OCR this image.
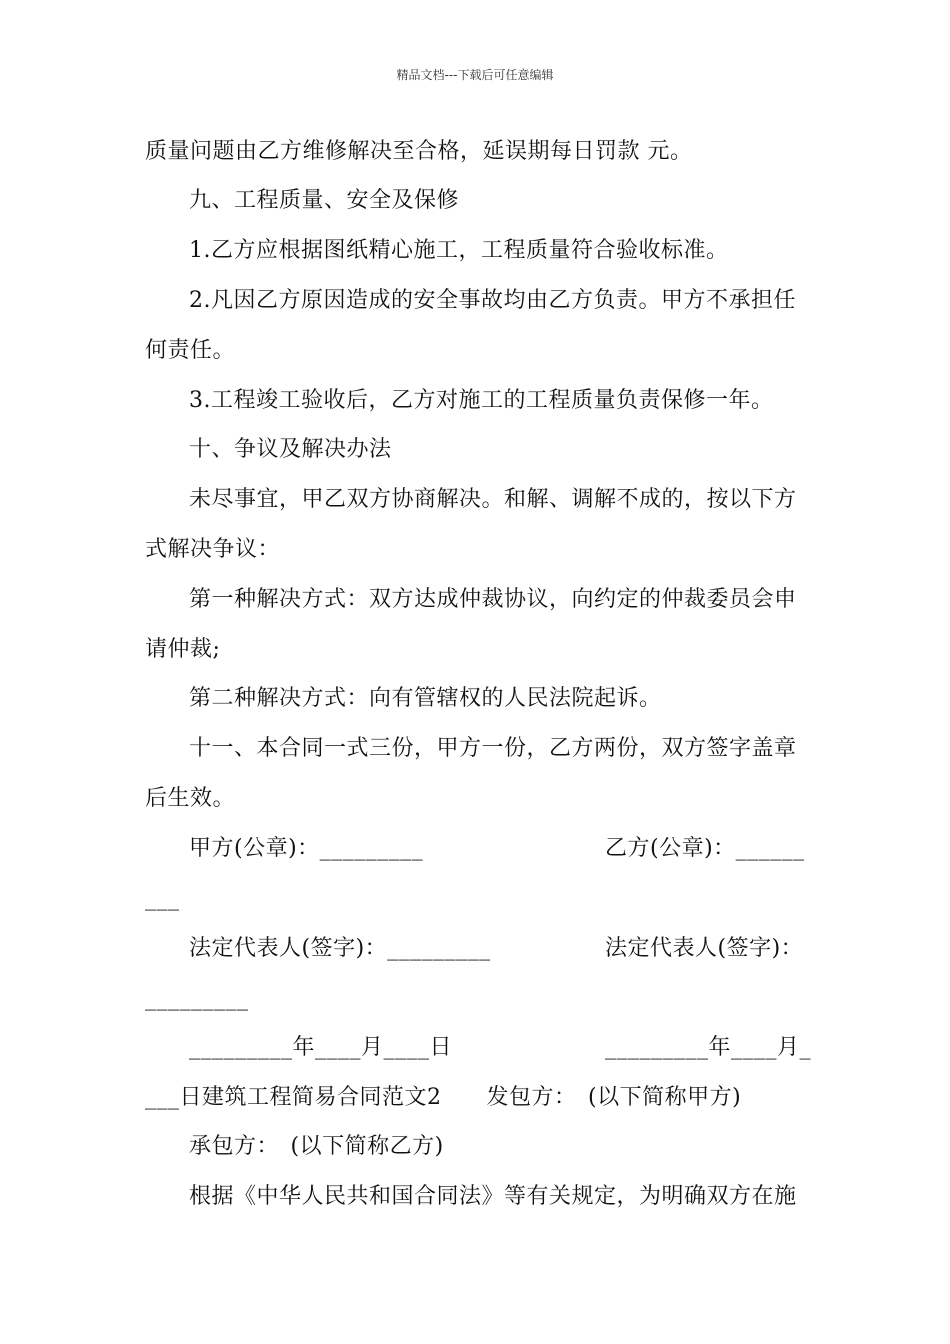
精品文档---下载后可任意编辑
质量问题由乙方维修解决至合格，延误期每日罚款 元。
九、工程质量、安全及保修
1.乙方应根据图纸精心施工，工程质量符合验收标准。
2.凡因乙方原因造成的安全事故均由乙方负责。甲方不承担任
何责任。
3.工程竣工验收后，乙方对施工的工程质量负责保修一年。
十、争议及解决办法
未尽事宜，甲乙双方协商解决。和解、调解不成的，按以下方
式解决争议：
第一种解决方式：双方达成仲裁协议，向约定的仲裁委员会申
请仲裁;
第二种解决方式：向有管辖权的人民法院起诉。
十一、本合同一式三份，甲方一份，乙方两份，双方签字盖章
后生效。
甲方(公章)：_________	乙方(公章)：______
___
法定代表人(签字)：_________	法定代表人(签字)：
_________
_________年____月____日	_________年____月_
___日建筑工程简易合同范文2　　发包方：　(以下简称甲方)
承包方：　(以下简称乙方)
根据《中华人民共和国合同法》等有关规定，为明确双方在施
